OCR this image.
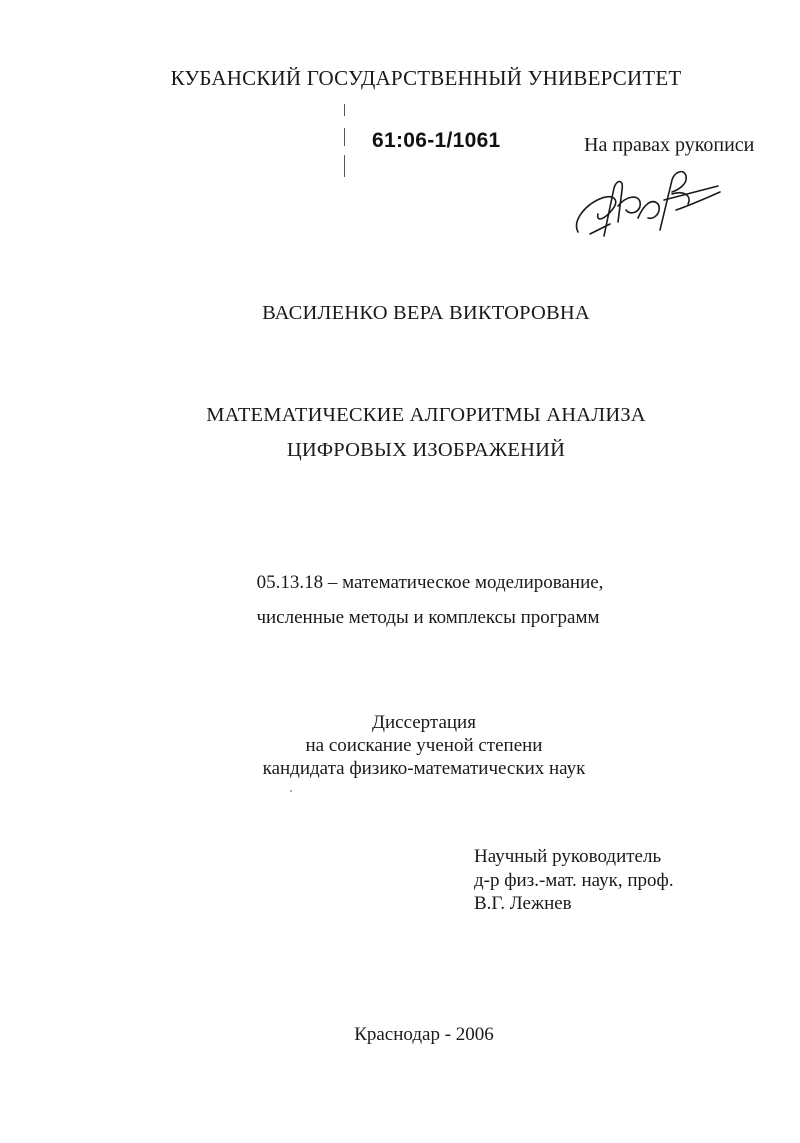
КУБАНСКИЙ ГОСУДАРСТВЕННЫЙ УНИВЕРСИТЕТ
61:06-1/1061	На правах рукописи
ВАСИЛЕНКО ВЕРА ВИКТОРОВНА
МАТЕМАТИЧЕСКИЕ АЛГОРИТМЫ АНАЛИЗА
ЦИФРОВЫХ ИЗОБРАЖЕНИЙ
05.13.18 – математическое моделирование,
численные методы и комплексы программ
Диссертация
на соискание ученой степени
кандидата физико-математических наук
Научный руководитель
д-р физ.-мат. наук, проф.
В.Г. Лежнев
Краснодар - 2006
